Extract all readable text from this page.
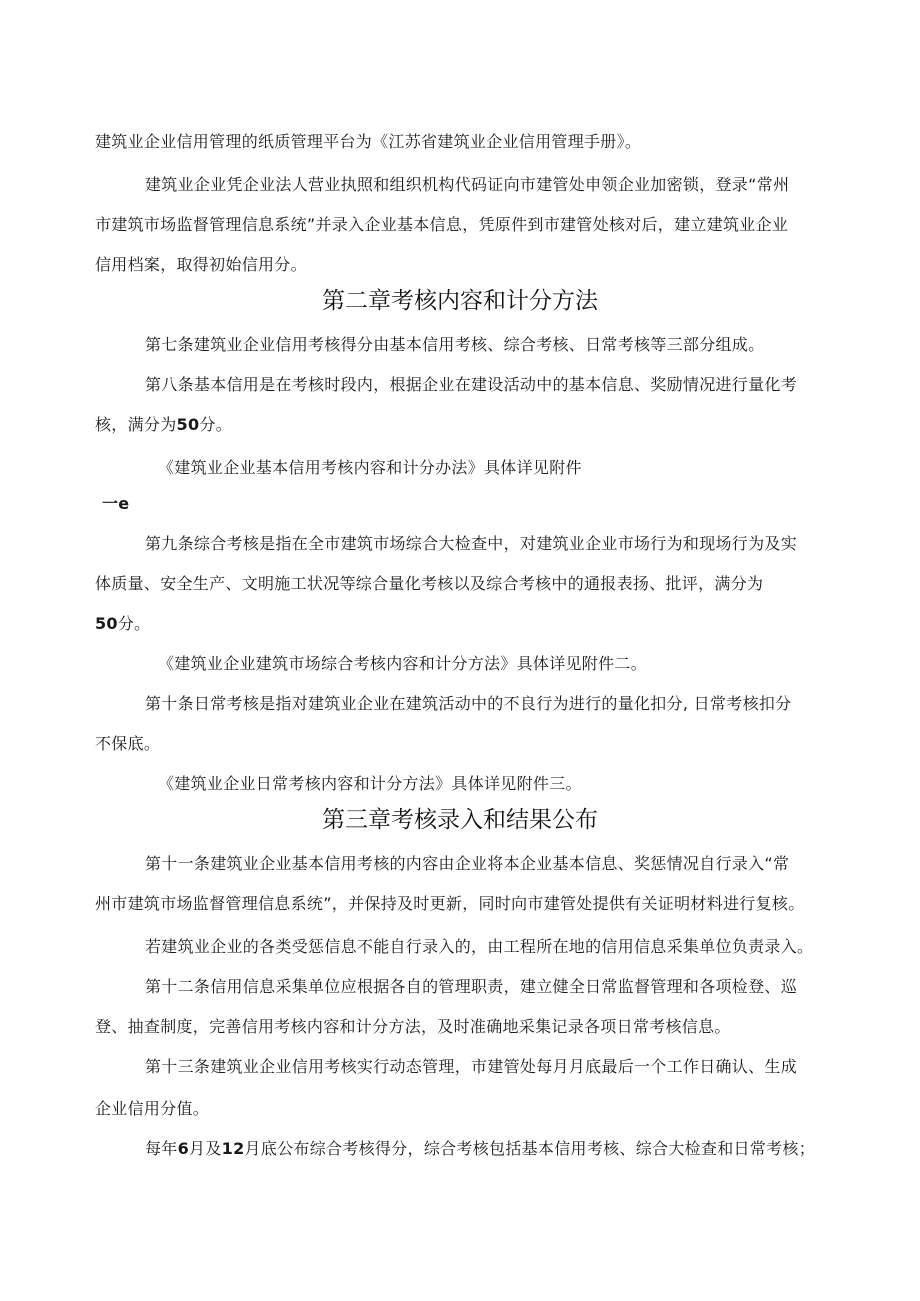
建筑业企业信用管理的纸质管理平台为《江苏省建筑业企业信用管理手册》。
建筑业企业凭企业法人营业执照和组织机构代码证向市建管处申领企业加密锁，登录“常州
市建筑市场监督管理信息系统”并录入企业基本信息，凭原件到市建管处核对后，建立建筑业企业
信用档案，取得初始信用分。
第二章考核内容和计分方法
第七条建筑业企业信用考核得分由基本信用考核、综合考核、日常考核等三部分组成。
第八条基本信用是在考核时段内，根据企业在建设活动中的基本信息、奖励情况进行量化考
核，满分为50分。
《建筑业企业基本信用考核内容和计分办法》具体详见附件
一e
第九条综合考核是指在全市建筑市场综合大检查中，对建筑业企业市场行为和现场行为及实
体质量、安全生产、文明施工状况等综合量化考核以及综合考核中的通报表扬、批评，满分为
50分。
《建筑业企业建筑市场综合考核内容和计分方法》具体详见附件二。
第十条日常考核是指对建筑业企业在建筑活动中的不良行为进行的量化扣分, 日常考核扣分
不保底。
《建筑业企业日常考核内容和计分方法》具体详见附件三。
第三章考核录入和结果公布
第十一条建筑业企业基本信用考核的内容由企业将本企业基本信息、奖惩情况自行录入“常
州市建筑市场监督管理信息系统”，并保持及时更新，同时向市建管处提供有关证明材料进行复核。
若建筑业企业的各类受惩信息不能自行录入的，由工程所在地的信用信息采集单位负责录入。
第十二条信用信息采集单位应根据各自的管理职责，建立健全日常监督管理和各项检登、巡
登、抽查制度，完善信用考核内容和计分方法，及时准确地采集记录各项日常考核信息。
第十三条建筑业企业信用考核实行动态管理，市建管处每月月底最后一个工作日确认、生成
企业信用分值。
每年6月及12月底公布综合考核得分，综合考核包括基本信用考核、综合大检查和日常考核；
